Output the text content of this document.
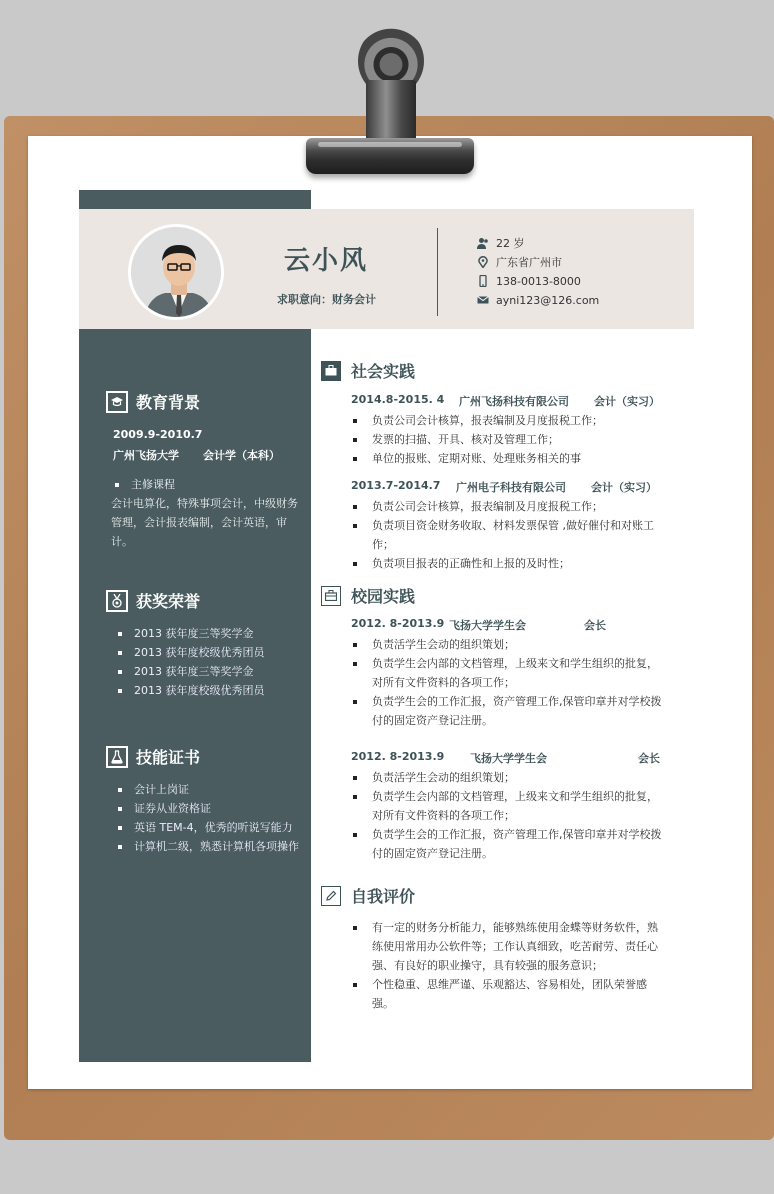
云小风
求职意向：财务会计
22 岁
广东省广州市
138-0013-8000
ayni123@126.com
教育背景
2009.9-2010.7
广州飞扬大学 会计学（本科）
主修课程
会计电算化，特殊事项会计，中级财务管理，会计报表编制，会计英语，审计。
获奖荣誉
2013 获年度三等奖学金
2013 获年度校级优秀团员
2013 获年度三等奖学金
2013 获年度校级优秀团员
技能证书
会计上岗证
证券从业资格证
英语 TEM-4，优秀的听说写能力
计算机二级，熟悉计算机各项操作
社会实践
2014.8-2015. 4 广州飞扬科技有限公司 会计（实习）
负责公司会计核算，报表编制及月度报税工作；
发票的扫描、开具、核对及管理工作；
单位的报账、定期对账、处理账务相关的事
2013.7-2014.7 广州电子科技有限公司 会计（实习）
负责公司会计核算，报表编制及月度报税工作；
负责项目资金财务收取、材料发票保管 ,做好催付和对账工作；
负责项目报表的正确性和上报的及时性；
校园实践
2012. 8-2013.9 飞扬大学学生会	会长
负责活学生会动的组织策划；
负责学生会内部的文档管理，上级来文和学生组织的批复，对所有文件资料的各项工作；
负责学生会的工作汇报，资产管理工作,保管印章并对学校拨付的固定资产登记注册。
2012. 8-2013.9 飞扬大学学生会	会长
负责活学生会动的组织策划；
负责学生会内部的文档管理，上级来文和学生组织的批复，对所有文件资料的各项工作；
负责学生会的工作汇报，资产管理工作,保管印章并对学校拨付的固定资产登记注册。
自我评价
有一定的财务分析能力，能够熟练使用金蝶等财务软件，熟练使用常用办公软件等；工作认真细致，吃苦耐劳、责任心强、有良好的职业操守，具有较强的服务意识；
个性稳重、思维严谨、乐观豁达、容易相处，团队荣誉感强。
